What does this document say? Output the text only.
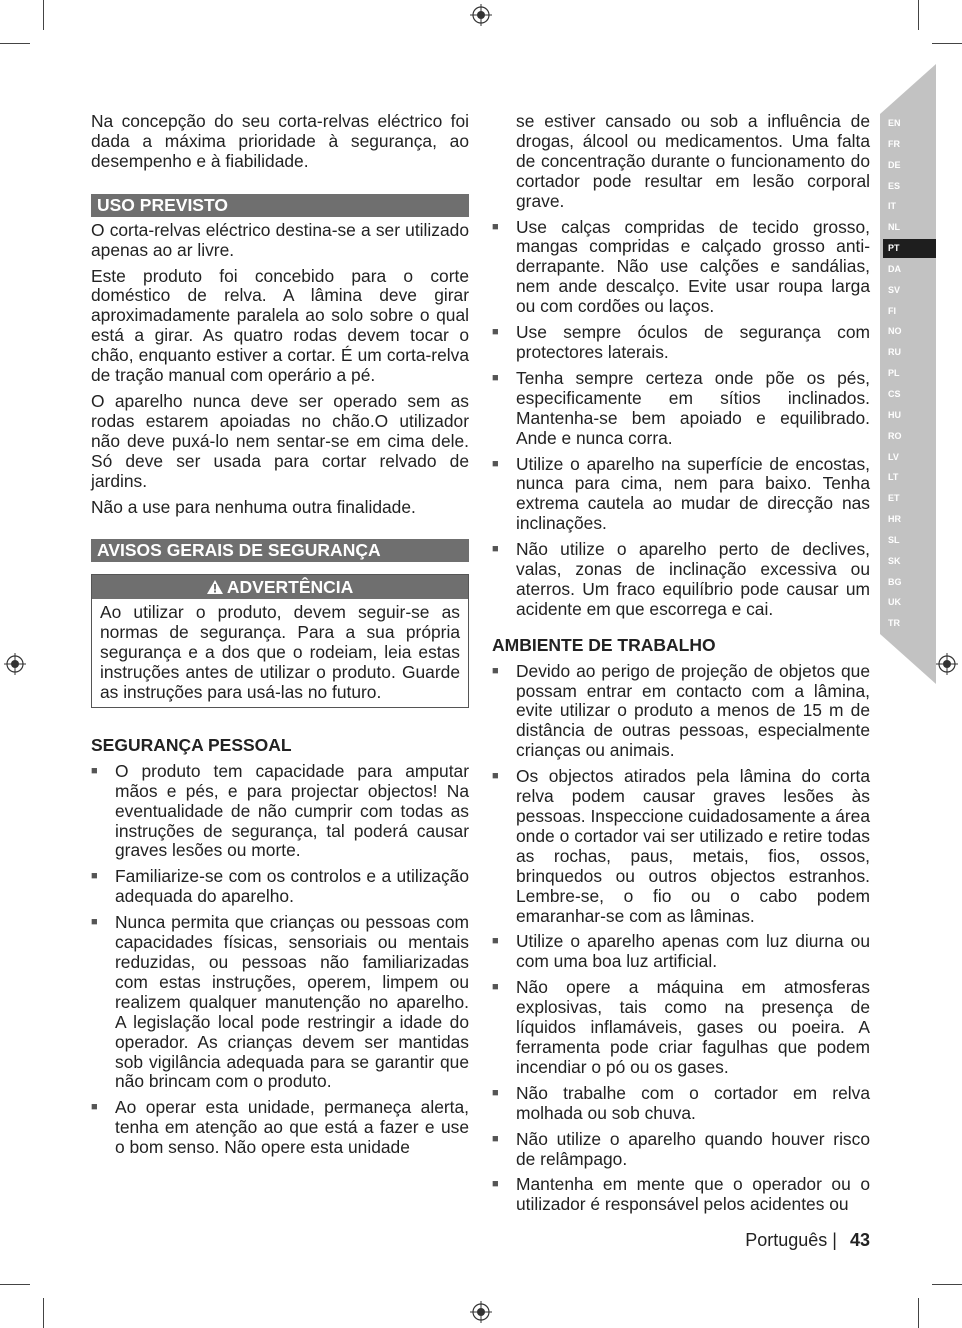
EN
FR
DE
ES
IT
NL
PT
DA
SV
FI
NO
RU
PL
CS
HU
RO
LV
LT
ET
HR
SL
SK
BG
UK
TR

Na concepção do seu corta-relvas eléctrico foi dada a máxima prioridade à segurança, ao desempenho e à fiabilidade.

USO PREVISTO

O corta-relvas eléctrico destina-se a ser utilizado apenas ao ar livre.

Este produto foi concebido para o corte doméstico de relva. A lâmina deve girar aproximadamente paralela ao solo sobre o qual está a girar. As quatro rodas devem tocar o chão, enquanto estiver a cortar. É um corta-relva de tração manual com operário a pé.

O aparelho nunca deve ser operado sem as rodas estarem apoiadas no chão.O utilizador não deve puxá-lo nem sentar-se em cima dele. Só deve ser usada para cortar relvado de jardins.

Não a use para nenhuma outra finalidade.

AVISOS GERAIS DE SEGURANÇA
ADVERTÊNCIA
Ao utilizar o produto, devem seguir-se as normas de segurança. Para a sua própria segurança e a dos que o rodeiam, leia estas instruções antes de utilizar o produto. Guarde as instruções para usá-las no futuro.
SEGURANÇA PESSOAL
■ O produto tem capacidade para amputar mãos e pés, e para projectar objectos! Na eventualidade de não cumprir com todas as instruções de segurança, tal poderá causar graves lesões ou morte.
■ Familiarize-se com os controlos e a utilização adequada do aparelho.
■ Nunca permita que crianças ou pessoas com capacidades físicas, sensoriais ou mentais reduzidas, ou pessoas não familiarizadas com estas instruções, operem, limpem ou realizem qualquer manutenção no aparelho. A legislação local pode restringir a idade do operador. As crianças devem ser mantidas sob vigilância adequada para se garantir que não brincam com o produto.
■ Ao operar esta unidade, permaneça alerta, tenha em atenção ao que está a fazer e use o bom senso. Não opere esta unidade

se estiver cansado ou sob a influência de drogas, álcool ou medicamentos. Uma falta de concentração durante o funcionamento do cortador pode resultar em lesão corporal grave.

■ Use calças compridas de tecido grosso, mangas compridas e calçado grosso anti-derrapante. Não use calções e sandálias, nem ande descalço. Evite usar roupa larga ou com cordões ou laços.
■ Use sempre óculos de segurança com protectores laterais.
■ Tenha sempre certeza onde põe os pés, especificamente em sítios inclinados. Mantenha-se bem apoiado e equilibrado. Ande e nunca corra.
■ Utilize o aparelho na superfície de encostas, nunca para cima, nem para baixo. Tenha extrema cautela ao mudar de direcção nas inclinações.
■ Não utilize o aparelho perto de declives, valas, zonas de inclinação excessiva ou aterros. Um fraco equilíbrio pode causar um acidente em que escorrega e cai.
AMBIENTE DE TRABALHO
■ Devido ao perigo de projeção de objetos que possam entrar em contacto com a lâmina, evite utilizar o produto a menos de 15 m de distância de outras pessoas, especialmente crianças ou animais.
■ Os objectos atirados pela lâmina do corta relva podem causar graves lesões às pessoas. Inspeccione cuidadosamente a área onde o cortador vai ser utilizado e retire todas as rochas, paus, metais, fios, ossos, brinquedos ou outros objectos estranhos. Lembre-se, o fio ou o cabo podem emaranhar-se com as lâminas.
■ Utilize o aparelho apenas com luz diurna ou com uma boa luz artificial.
■ Não opere a máquina em atmosferas explosivas, tais como na presença de líquidos inflamáveis, gases ou poeira. A ferramenta pode criar fagulhas que podem incendiar o pó ou os gases.
■ Não trabalhe com o cortador em relva molhada ou sob chuva.
■ Não utilize o aparelho quando houver risco de relâmpago.
■ Mantenha em mente que o operador ou o utilizador é responsável pelos acidentes ou
Português | 43
